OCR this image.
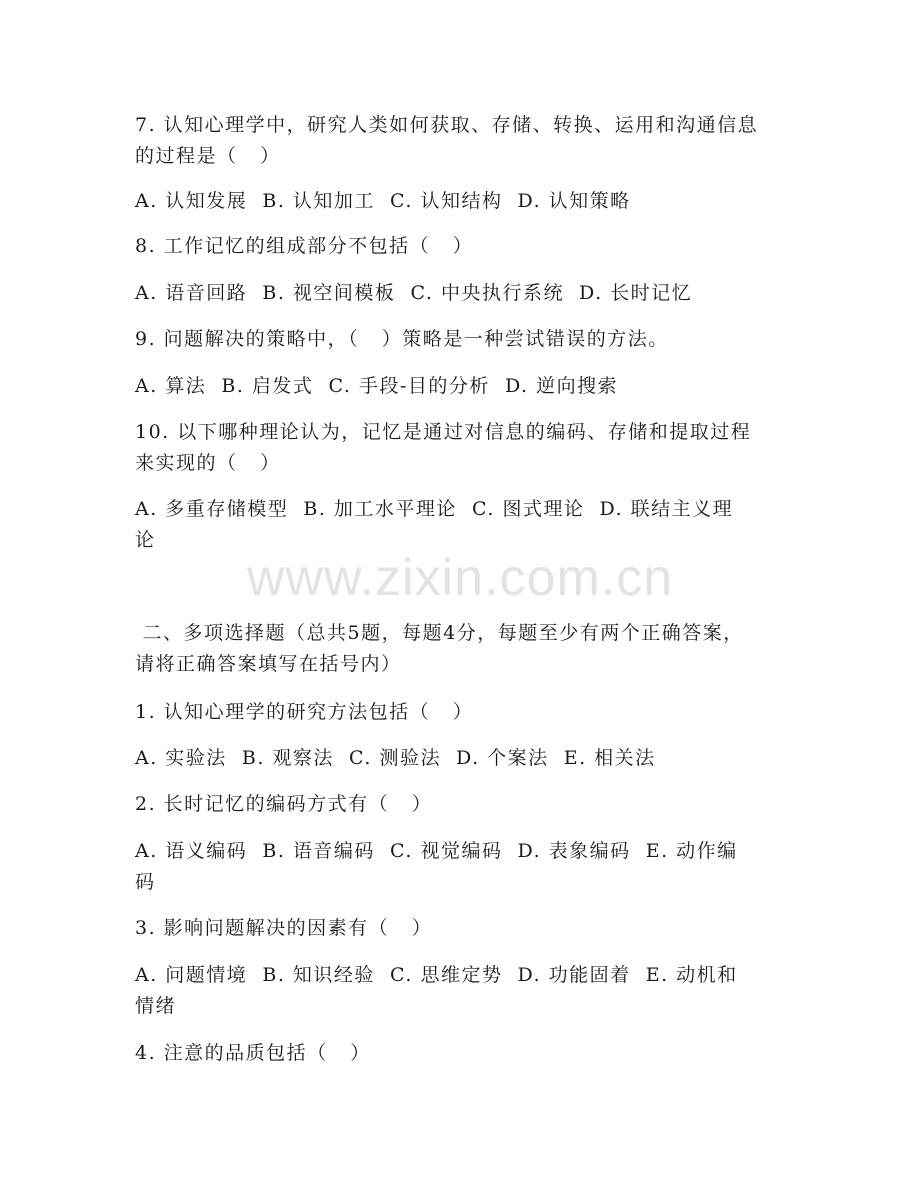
www.zixin.com.cn
7. 认知心理学中，研究人类如何获取、存储、转换、运用和沟通信息
的过程是（   ）
A. 认知发展  B. 认知加工  C. 认知结构  D. 认知策略
8. 工作记忆的组成部分不包括（   ）
A. 语音回路  B. 视空间模板  C. 中央执行系统  D. 长时记忆
9. 问题解决的策略中，（   ）策略是一种尝试错误的方法。
A. 算法  B. 启发式  C. 手段-目的分析  D. 逆向搜索
10. 以下哪种理论认为，记忆是通过对信息的编码、存储和提取过程
来实现的（   ）
A. 多重存储模型  B. 加工水平理论  C. 图式理论  D. 联结主义理
论
二、多项选择题（总共5题，每题4分，每题至少有两个正确答案，
请将正确答案填写在括号内）
1. 认知心理学的研究方法包括（   ）
A. 实验法  B. 观察法  C. 测验法  D. 个案法  E. 相关法
2. 长时记忆的编码方式有（   ）
A. 语义编码  B. 语音编码  C. 视觉编码  D. 表象编码  E. 动作编
码
3. 影响问题解决的因素有（   ）
A. 问题情境  B. 知识经验  C. 思维定势  D. 功能固着  E. 动机和
情绪
4. 注意的品质包括（   ）
